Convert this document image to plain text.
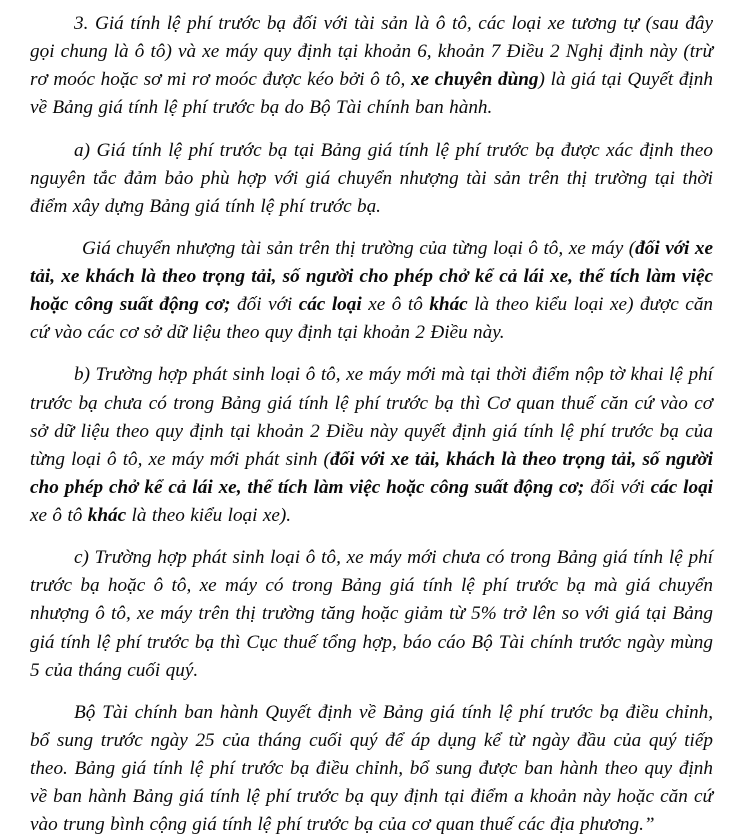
3. Giá tính lệ phí trước bạ đối với tài sản là ô tô, các loại xe tương tự (sau đây gọi chung là ô tô) và xe máy quy định tại khoản 6, khoản 7 Điều 2 Nghị định này (trừ rơ moóc hoặc sơ mi rơ moóc được kéo bởi ô tô, xe chuyên dùng) là giá tại Quyết định về Bảng giá tính lệ phí trước bạ do Bộ Tài chính ban hành.

a) Giá tính lệ phí trước bạ tại Bảng giá tính lệ phí trước bạ được xác định theo nguyên tắc đảm bảo phù hợp với giá chuyển nhượng tài sản trên thị trường tại thời điểm xây dựng Bảng giá tính lệ phí trước bạ.

Giá chuyển nhượng tài sản trên thị trường của từng loại ô tô, xe máy (đối với xe tải, xe khách là theo trọng tải, số người cho phép chở kể cả lái xe, thể tích làm việc hoặc công suất động cơ; đối với các loại xe ô tô khác là theo kiểu loại xe) được căn cứ vào các cơ sở dữ liệu theo quy định tại khoản 2 Điều này.

b) Trường hợp phát sinh loại ô tô, xe máy mới mà tại thời điểm nộp tờ khai lệ phí trước bạ chưa có trong Bảng giá tính lệ phí trước bạ thì Cơ quan thuế căn cứ vào cơ sở dữ liệu theo quy định tại khoản 2 Điều này quyết định giá tính lệ phí trước bạ của từng loại ô tô, xe máy mới phát sinh (đối với xe tải, khách là theo trọng tải, số người cho phép chở kể cả lái xe, thể tích làm việc hoặc công suất động cơ; đối với các loại xe ô tô khác là theo kiểu loại xe).

c) Trường hợp phát sinh loại ô tô, xe máy mới chưa có trong Bảng giá tính lệ phí trước bạ hoặc ô tô, xe máy có trong Bảng giá tính lệ phí trước bạ mà giá chuyển nhượng ô tô, xe máy trên thị trường tăng hoặc giảm từ 5% trở lên so với giá tại Bảng giá tính lệ phí trước bạ thì Cục thuế tổng hợp, báo cáo Bộ Tài chính trước ngày mùng 5 của tháng cuối quý.

Bộ Tài chính ban hành Quyết định về Bảng giá tính lệ phí trước bạ điều chỉnh, bổ sung trước ngày 25 của tháng cuối quý để áp dụng kể từ ngày đầu của quý tiếp theo. Bảng giá tính lệ phí trước bạ điều chỉnh, bổ sung được ban hành theo quy định về ban hành Bảng giá tính lệ phí trước bạ quy định tại điểm a khoản này hoặc căn cứ vào trung bình cộng giá tính lệ phí trước bạ của cơ quan thuế các địa phương.”
